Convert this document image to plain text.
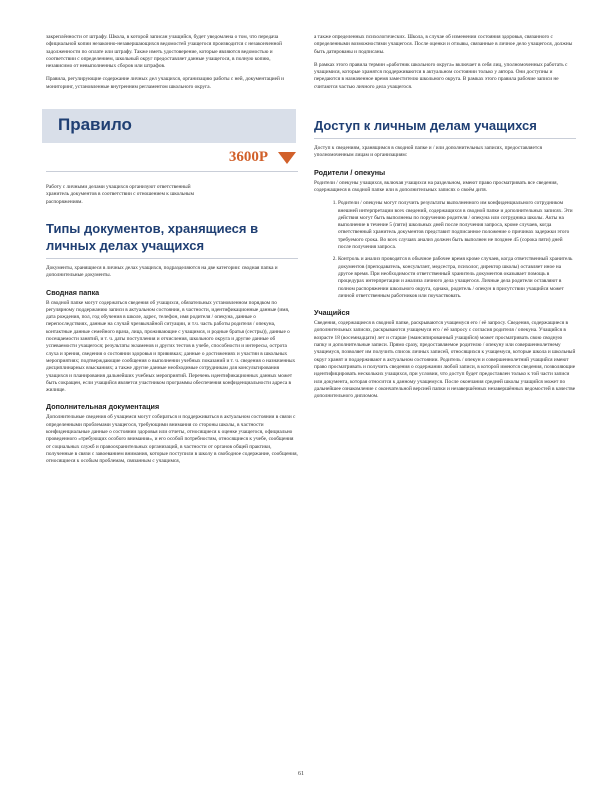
закреплённости от штрафу. Школа, в которой записан учащийся, будет уведомлена о том, что передача официальной копии незаконно-незавершающихся ведомостей учащегося производится с незаконченной задолженности по оплате или штрафу. Также иметь удостоверение, которые являются ведомостью и соответствии с определением, школьный округ предоставляет данные учащегося, в полную копию, независимо от невыполненных сборов или штрафов.

Правила, регулирующие содержание личных дел учащихся, организацию работы с ней, документацией и мониторинг, установленные внутренним регламентом школьного округа.

Правило
3600P

Работу с личными делами учащихся организуют ответственный хранитель документов в соответствии с отношением к школьным распоряжениям.

Типы документов, хранящиеся в личных делах учащихся

Документы, хранящиеся в личных делах учащихся, подразделяются на две категории: сводная папка и дополнительные документы.

Сводная папка

В сводной папке могут содержаться сведения об учащихся, обязательных установленном порядком по регулярному поддержанию записи в актуальном состоянии, в частности, идентификационные данные (имя, дата рождения, пол, год обучения в школе, адрес, телефон, имя родителя / опекуна, данные о перепоследствиях, данные на случай чрезвычайной ситуации, и т.ч. часть работы родителя / опекуна, контактные данные семейного врача, лица, проживающие с учащимся, и родные братья (сестры)), данные о посещаемости занятий, и т. ч. даты поступления и отчисления, школьного округа и другие данные об успеваемости учащегося; результаты экзаменов и других тестов в учебе, способности и интересы, острота слуха и зрения, сведения о состоянии здоровья и прививках; данные о достижениях и участии в школьных мероприятиях; подтверждающие сообщения о выполнении учебных показаний и т. ч. сведения о назначенных дисциплинарных взысканиях; а также другие данные необходимые сотрудникам для консультирования учащихся и планирования дальнейших учебных мероприятий. Перечень идентификационных данных может быть сокращен, если учащийся является участником программы обеспечения конфиденциальности адреса в жилище.

Дополнительная документация

Дополнительные сведения об учащемся могут собираться и поддерживаться в актуальном состоянии в связи с определенными проблемами учащегося, требующими внимания со стороны школы, в частности конфиденциальные данные о состоянии здоровья или отчеты, относящиеся к оценке учащегося, официально проведенного «требующих особого внимания», и его особой потребностям, относящиеся к учебе, сообщения от социальных служб и правоохранительных организаций, в частности от органов общей практики, полученные в связи с завоеванием внимания, которые поступили в школу в свободное содержание, сообщения, относящиеся к особым проблемам, связанным с учащимся,

а также определенных психологических. Школа, в случае об изменении состояния здоровья, связанного с определенными возможностями учащегося. После оценки и отзывы, связанные в личное дело учащегося, должны быть датированы и подписаны.

В рамках этого правила термин «работник школьного округа» включает в себя лиц, уполномоченных работать с учащимися, которые хранятся поддерживаются в актуальном состоянии только у автора. Они доступны и передаются в назначенное время заместителю школьного округа. В рамках этого правила рабочие записи не считаются частью личного дела учащегося.

Доступ к личным делам учащихся

Доступ к сведениям, хранящимся в сводной папке и / или дополнительных записях, предоставляется уполномоченным лицам и организациям:

Родители / опекуны

Родители / опекуны учащихся, включая учащихся на раздельном, имеют право просматривать все сведения, содержащиеся в сводной папке или в дополнительных записях о своём дитя.

1. Родители / опекуны могут получить результаты выполненного им конфиденциального сотрудником внешней интерпретации всех сведений, содержащихся в сводной папке и дополнительных записях. Эти действия могут быть выполнены по поручению родителя / опекуна или сотрудника школы. Акты на выполнение в течение 5 (пяти) школьных дней после получения запроса, кроме случаев, когда ответственный хранитель документов представит подписанное положение о причинах задержки этого требуемого срока. Во всех случаях анализ должен быть выполнен не позднее 45 (сорока пяти) дней после получения запроса.
2. Контроль и анализ проводятся в обычное рабочее время кроме случаев, когда ответственный хранитель документов (преподаватель, консультант, медсестра, психолог, директор школы) оставляет иное на другое время. При необходимости ответственный хранитель документов оказывает помощь в процедурах интерпретации и анализа личного дела учащегося. Личные дела родители оставляют в полном распоряжении школьного округа, однако, родитель / опекун в присутствии учащийся может личной ответственным работников или поучаствовать.
Учащийся

Сведения, содержащиеся в сводной папке, раскрываются учащемуся его / её запросу. Сведения, содержащиеся в дополнительных записях, раскрываются учащемуся его / её запросу с согласия родителя / опекуна. Учащийся в возрасте 18 (восемнадцати) лет и старше (эмансипированный учащийся) может просматривать свою сводную папку и дополнительные записи. Прямо сразу, предоставляемое родителю / опекуну или совершеннолетнему учащемуся, позволяет им получить список личных записей, относящихся к учащемуся, которые школа и школьный округ хранят и поддерживают в актуальном состоянии. Родитель / опекун и совершеннолетний учащийся имеют право просматривать и получить сведения о содержании любой записи, в которой имеются сведения, позволяющие идентифицировать нескольких учащихся, при условии, что доступ будет предоставлен только к той части записи или документа, которая относится к данному учащемуся. После окончания средней школы учащийся может по дальнейшее ознакомление с окончательной версией папки и незавершённых незавершённых ведомостей в качестве дополнительного дипломом.

61
